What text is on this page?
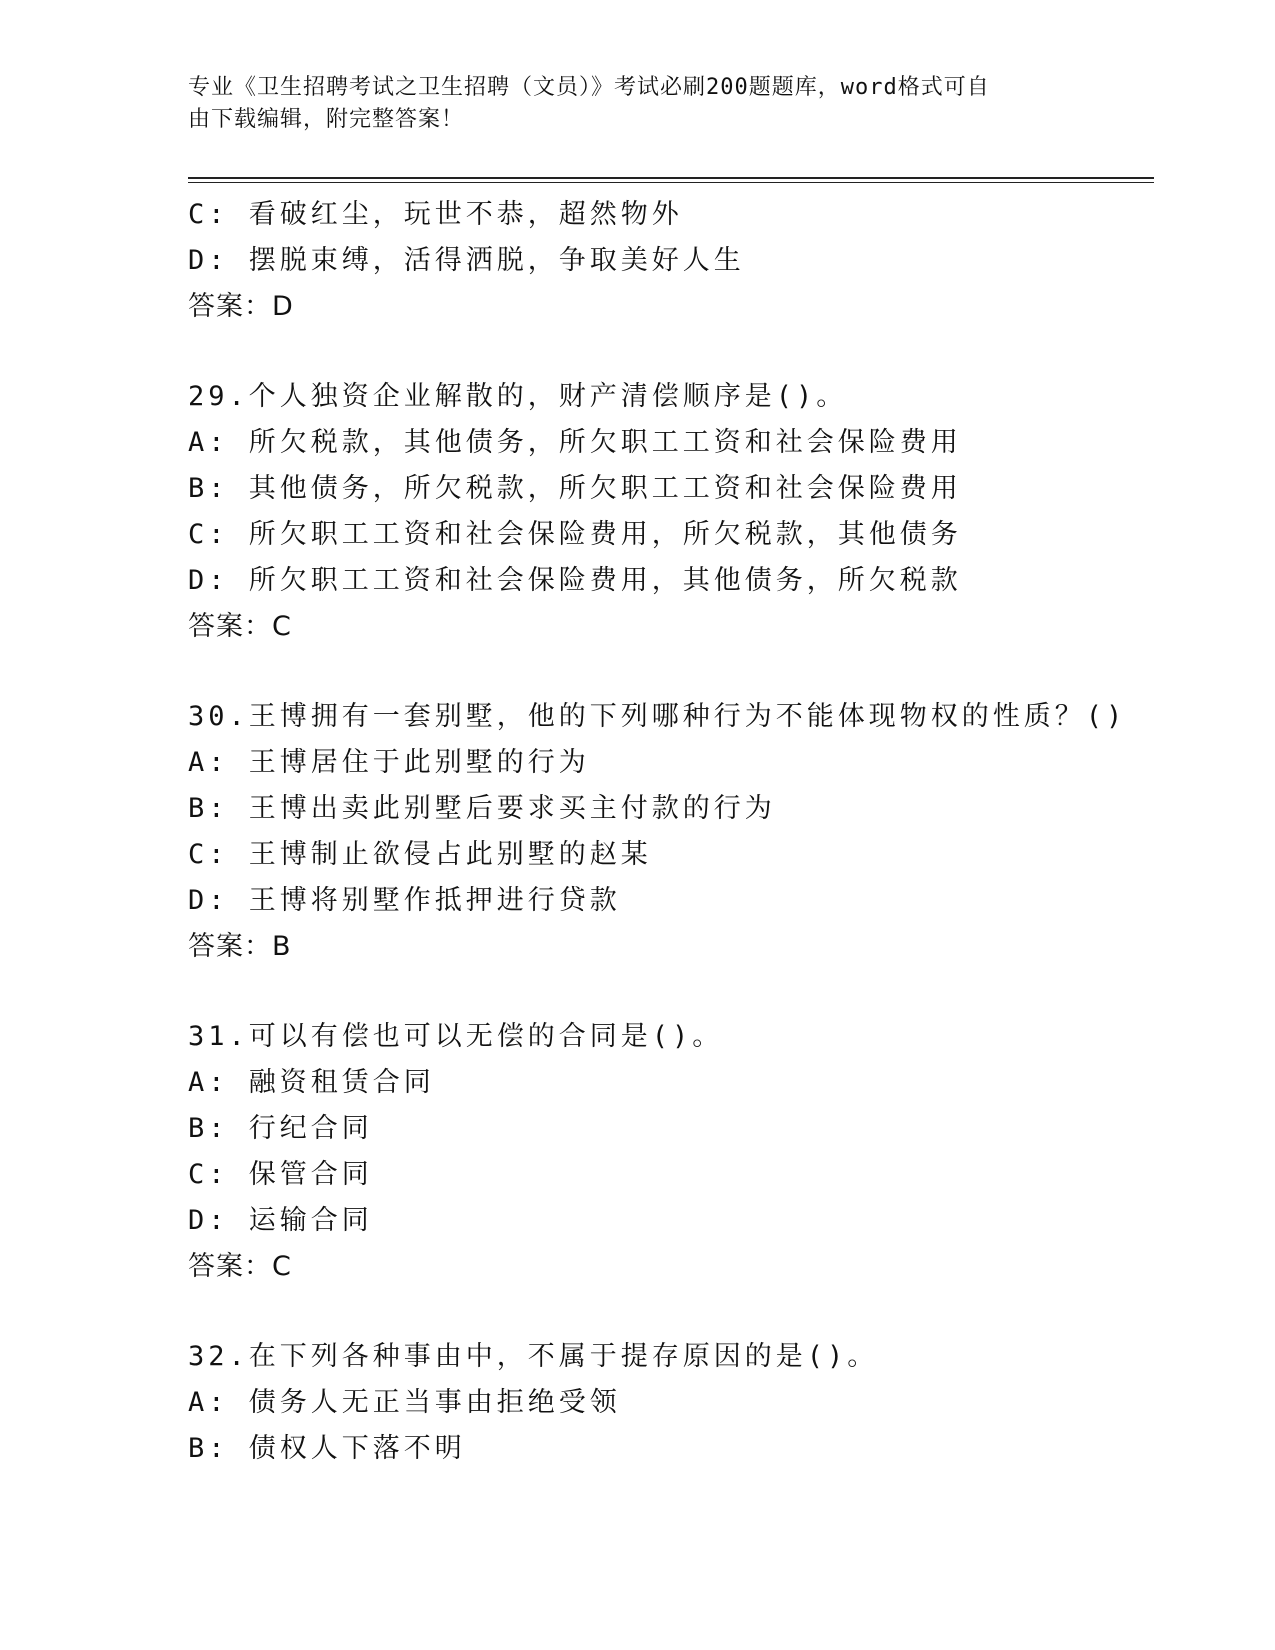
专业《卫生招聘考试之卫生招聘（文员）》考试必刷200题题库，word格式可自
由下载编辑，附完整答案！
C: 看破红尘，玩世不恭，超然物外
D: 摆脱束缚，活得洒脱，争取美好人生
答案：D
29.个人独资企业解散的，财产清偿顺序是()。
A: 所欠税款，其他债务，所欠职工工资和社会保险费用
B: 其他债务，所欠税款，所欠职工工资和社会保险费用
C: 所欠职工工资和社会保险费用，所欠税款，其他债务
D: 所欠职工工资和社会保险费用，其他债务，所欠税款
答案：C
30.王博拥有一套别墅，他的下列哪种行为不能体现物权的性质？()
A: 王博居住于此别墅的行为
B: 王博出卖此别墅后要求买主付款的行为
C: 王博制止欲侵占此别墅的赵某
D: 王博将别墅作抵押进行贷款
答案：B
31.可以有偿也可以无偿的合同是()。
A: 融资租赁合同
B: 行纪合同
C: 保管合同
D: 运输合同
答案：C
32.在下列各种事由中，不属于提存原因的是()。
A: 债务人无正当事由拒绝受领
B: 债权人下落不明
